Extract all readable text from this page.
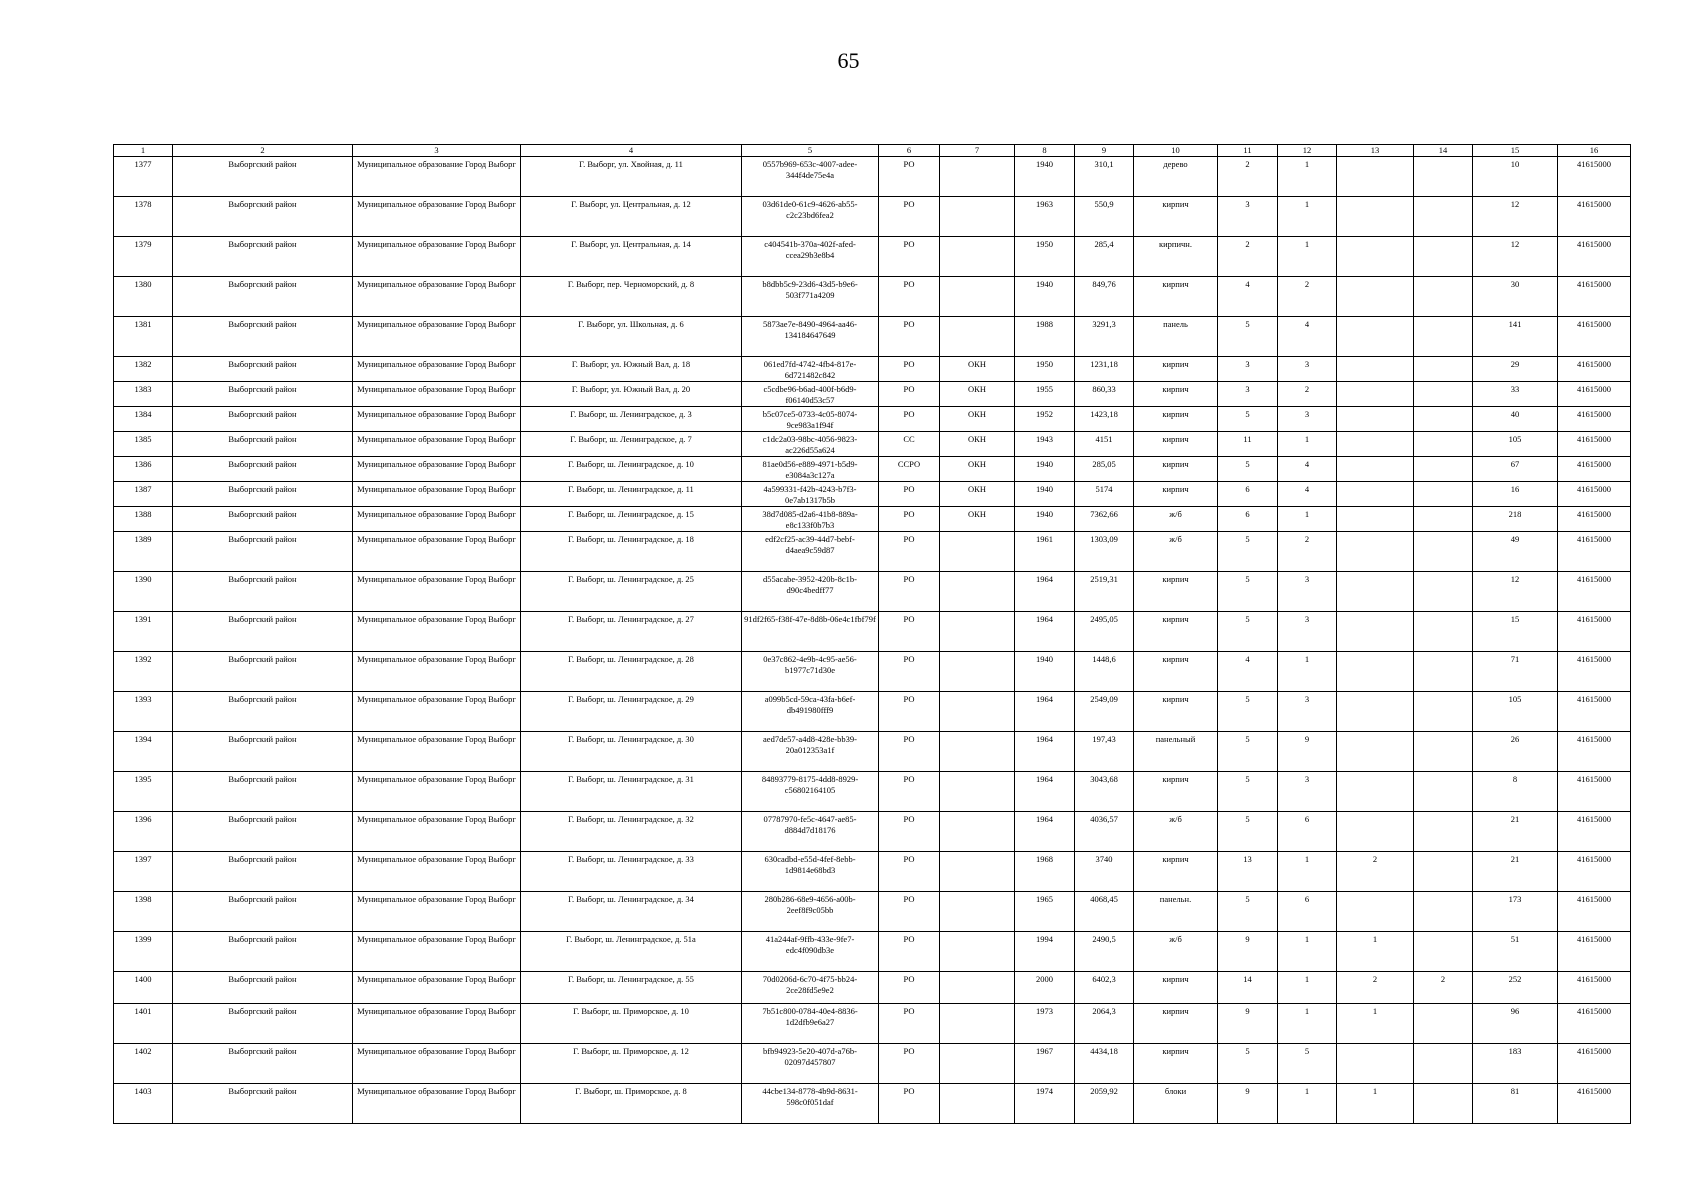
65
1	2	3	4	5	6	7	8	9	10	11	12	13	14	15	16
1377	Выборгский район	Муниципальное образование Город Выборг	Г. Выборг, ул. Хвойная, д. 11	0557b969-653c-4007-adee-344f4de75e4a	РО		1940	310,1	дерево	2	1			10	41615000
1378	Выборгский район	Муниципальное образование Город Выборг	Г. Выборг, ул. Центральная, д. 12	03d61de0-61c9-4626-ab55-c2c23bd6fea2	РО		1963	550,9	кирпич	3	1			12	41615000
1379	Выборгский район	Муниципальное образование Город Выборг	Г. Выборг, ул. Центральная, д. 14	c404541b-370a-402f-afed-ccea29b3e8b4	РО		1950	285,4	кирпичн.	2	1			12	41615000
1380	Выборгский район	Муниципальное образование Город Выборг	Г. Выборг, пер. Черноморский, д. 8	b8dbb5c9-23d6-43d5-b9e6-503f771a4209	РО		1940	849,76	кирпич	4	2			30	41615000
1381	Выборгский район	Муниципальное образование Город Выборг	Г. Выборг, ул. Школьная, д. 6	5873ae7e-8490-4964-aa46-134184647649	РО		1988	3291,3	панель	5	4			141	41615000
1382	Выборгский район	Муниципальное образование Город Выборг	Г. Выборг, ул. Южный Вал, д. 18	061ed7fd-4742-4fb4-817e-6d721482c842	РО	ОКН	1950	1231,18	кирпич	3	3			29	41615000
1383	Выборгский район	Муниципальное образование Город Выборг	Г. Выборг, ул. Южный Вал, д. 20	c5cdbe96-b6ad-400f-b6d9-f06140d53c57	РО	ОКН	1955	860,33	кирпич	3	2			33	41615000
1384	Выборгский район	Муниципальное образование Город Выборг	Г. Выборг, ш. Ленинградское, д. 3	b5c07ce5-0733-4c05-8074-9ce983a1f94f	РО	ОКН	1952	1423,18	кирпич	5	3			40	41615000
1385	Выборгский район	Муниципальное образование Город Выборг	Г. Выборг, ш. Ленинградское, д. 7	c1dc2a03-98bc-4056-9823-ac226d55a624	СС	ОКН	1943	4151	кирпич	11	1			105	41615000
1386	Выборгский район	Муниципальное образование Город Выборг	Г. Выборг, ш. Ленинградское, д. 10	81ae0d56-e889-4971-b5d9-e3084a3c127a	ССРО	ОКН	1940	285,05	кирпич	5	4			67	41615000
1387	Выборгский район	Муниципальное образование Город Выборг	Г. Выборг, ш. Ленинградское, д. 11	4a599331-f42b-4243-b7f3-0e7ab1317b5b	РО	ОКН	1940	5174	кирпич	6	4			16	41615000
1388	Выборгский район	Муниципальное образование Город Выборг	Г. Выборг, ш. Ленинградское, д. 15	38d7d085-d2a6-41b8-889a-e8c133f0b7b3	РО	ОКН	1940	7362,66	ж/б	6	1			218	41615000
1389	Выборгский район	Муниципальное образование Город Выборг	Г. Выборг, ш. Ленинградское, д. 18	edf2cf25-ac39-44d7-bebf-d4aea9c59d87	РО		1961	1303,09	ж/б	5	2			49	41615000
1390	Выборгский район	Муниципальное образование Город Выборг	Г. Выборг, ш. Ленинградское, д. 25	d55acabe-3952-420b-8c1b-d90c4bedff77	РО		1964	2519,31	кирпич	5	3			12	41615000
1391	Выборгский район	Муниципальное образование Город Выборг	Г. Выборг, ш. Ленинградское, д. 27	91df2f65-f38f-47e-8d8b-06e4c1fbf79f	РО		1964	2495,05	кирпич	5	3			15	41615000
1392	Выборгский район	Муниципальное образование Город Выборг	Г. Выборг, ш. Ленинградское, д. 28	0e37c862-4e9b-4c95-ae56-b1977c71d30e	РО		1940	1448,6	кирпич	4	1			71	41615000
1393	Выборгский район	Муниципальное образование Город Выборг	Г. Выборг, ш. Ленинградское, д. 29	a099b5cd-59ca-43fa-b6ef-db491980fff9	РО		1964	2549,09	кирпич	5	3			105	41615000
1394	Выборгский район	Муниципальное образование Город Выборг	Г. Выборг, ш. Ленинградское, д. 30	aed7de57-a4d8-428e-bb39-20a012353a1f	РО		1964	197,43	панельный	5	9			26	41615000
1395	Выборгский район	Муниципальное образование Город Выборг	Г. Выборг, ш. Ленинградское, д. 31	84893779-8175-4dd8-8929-c56802164105	РО		1964	3043,68	кирпич	5	3			8	41615000
1396	Выборгский район	Муниципальное образование Город Выборг	Г. Выборг, ш. Ленинградское, д. 32	07787970-fe5c-4647-ae85-d884d7d18176	РО		1964	4036,57	ж/б	5	6			21	41615000
1397	Выборгский район	Муниципальное образование Город Выборг	Г. Выборг, ш. Ленинградское, д. 33	630cadbd-e55d-4fef-8ebb-1d9814e68bd3	РО		1968	3740	кирпич	13	1	2		21	41615000
1398	Выборгский район	Муниципальное образование Город Выборг	Г. Выборг, ш. Ленинградское, д. 34	280b286-68e9-4656-a00b-2eef8f9c05bb	РО		1965	4068,45	панельн.	5	6			173	41615000
1399	Выборгский район	Муниципальное образование Город Выборг	Г. Выборг, ш. Ленинградское, д. 51а	41a244af-9ffb-433e-9fe7-edc4f090db3e	РО		1994	2490,5	ж/б	9	1	1		51	41615000
1400	Выборгский район	Муниципальное образование Город Выборг	Г. Выборг, ш. Ленинградское, д. 55	70d0206d-6c70-4f75-bb24-2ce28fd5e9e2	РО		2000	6402,3	кирпич	14	1	2	2	252	41615000
1401	Выборгский район	Муниципальное образование Город Выборг	Г. Выборг, ш. Приморское, д. 10	7b51c800-0784-40e4-8836-1d2dfb9e6a27	РО		1973	2064,3	кирпич	9	1	1		96	41615000
1402	Выборгский район	Муниципальное образование Город Выборг	Г. Выборг, ш. Приморское, д. 12	bfb94923-5e20-407d-a76b-02097d457807	РО		1967	4434,18	кирпич	5	5			183	41615000
1403	Выборгский район	Муниципальное образование Город Выборг	Г. Выборг, ш. Приморское, д. 8	44cbe134-8778-4b9d-8631-598c0f051daf	РО		1974	2059,92	блоки	9	1	1		81	41615000
